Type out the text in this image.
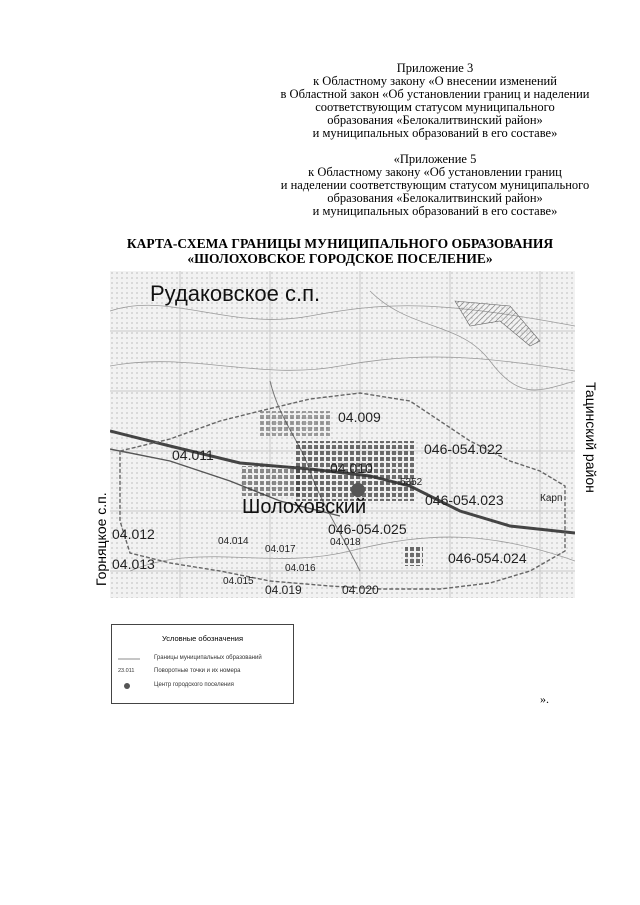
Приложение 3
к Областному закону «О внесении изменений
в Областной закон «Об установлении границ и наделении
соответствующим статусом муниципального
образования «Белокалитвинский район»
и муниципальных образований в его составе»
«Приложение 5
к Областному закону «Об установлении границ
и наделении соответствующим статусом муниципального
образования «Белокалитвинский район»
и муниципальных образований в его составе»
КАРТА-СХЕМА ГРАНИЦЫ МУНИЦИПАЛЬНОГО ОБРАЗОВАНИЯ
«ШОЛОХОВСКОЕ ГОРОДСКОЕ ПОСЕЛЕНИЕ»
Горняцкое с.п.
Тацинский район
Рудаковское с.п.
Шолоховский
04.009
04.010
04.011
04.012
04.013
04.014
04.015
04.016
04.017
04.018
04.019	04.020
046-054.022
046-054.023
046-054.024
046-054.025
5352
Карп
Условные обозначения
Границы муниципальных образований
23.011	Поворотные точки и их номера
Центр городского поселения
».
